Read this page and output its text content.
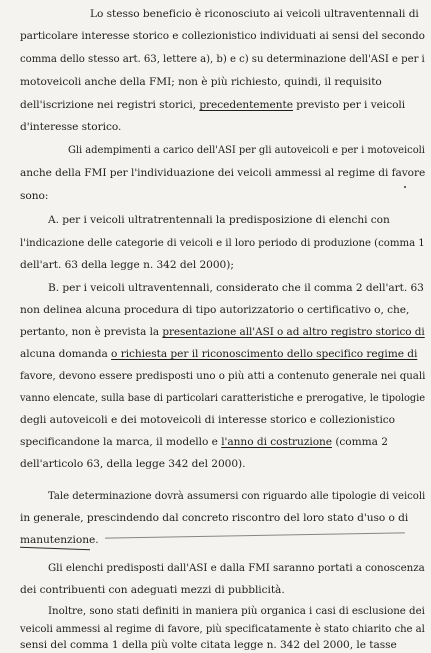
Lo stesso beneficio è riconosciuto ai veicoli ultraventennali di
particolare interesse storico e collezionistico individuati ai sensi del secondo
comma dello stesso art. 63, lettere a), b) e c) su determinazione dell'ASI e per i
motoveicoli anche della FMI; non è più richiesto, quindi, il requisito
dell'iscrizione nei registri storici, precedentemente previsto per i veicoli
d'interesse storico.
Gli adempimenti a carico dell'ASI per gli autoveicoli e per i motoveicoli
anche della FMI per l'individuazione dei veicoli ammessi al regime di favore
sono:
A. per i veicoli ultratrentennali la predisposizione di elenchi con
l'indicazione delle categorie di veicoli e il loro periodo di produzione (comma 1
dell'art. 63 della legge n. 342 del 2000);
B. per i veicoli ultraventennali, considerato che il comma 2 dell'art. 63
non delinea alcuna procedura di tipo autorizzatorio o certificativo o, che,
pertanto, non è prevista la presentazione all'ASI o ad altro registro storico di
alcuna domanda o richiesta per il riconoscimento dello specifico regime di
favore, devono essere predisposti uno o più atti a contenuto generale nei quali
vanno elencate, sulla base di particolari caratteristiche e prerogative, le tipologie
degli autoveicoli e dei motoveicoli di interesse storico e collezionistico
specificandone la marca, il modello e l'anno di costruzione (comma 2
dell'articolo 63, della legge 342 del 2000).
Tale determinazione dovrà assumersi con riguardo alle tipologie di veicoli
in generale, prescindendo dal concreto riscontro del loro stato d'uso o di
manutenzione.
Gli elenchi predisposti dall'ASI e dalla FMI saranno portati a conoscenza
dei contribuenti con adeguati mezzi di pubblicità.
Inoltre, sono stati definiti in maniera più organica i casi di esclusione dei
veicoli ammessi al regime di favore, più specificatamente è stato chiarito che al
sensi del comma 1 della più volte citata legge n. 342 del 2000, le tasse
